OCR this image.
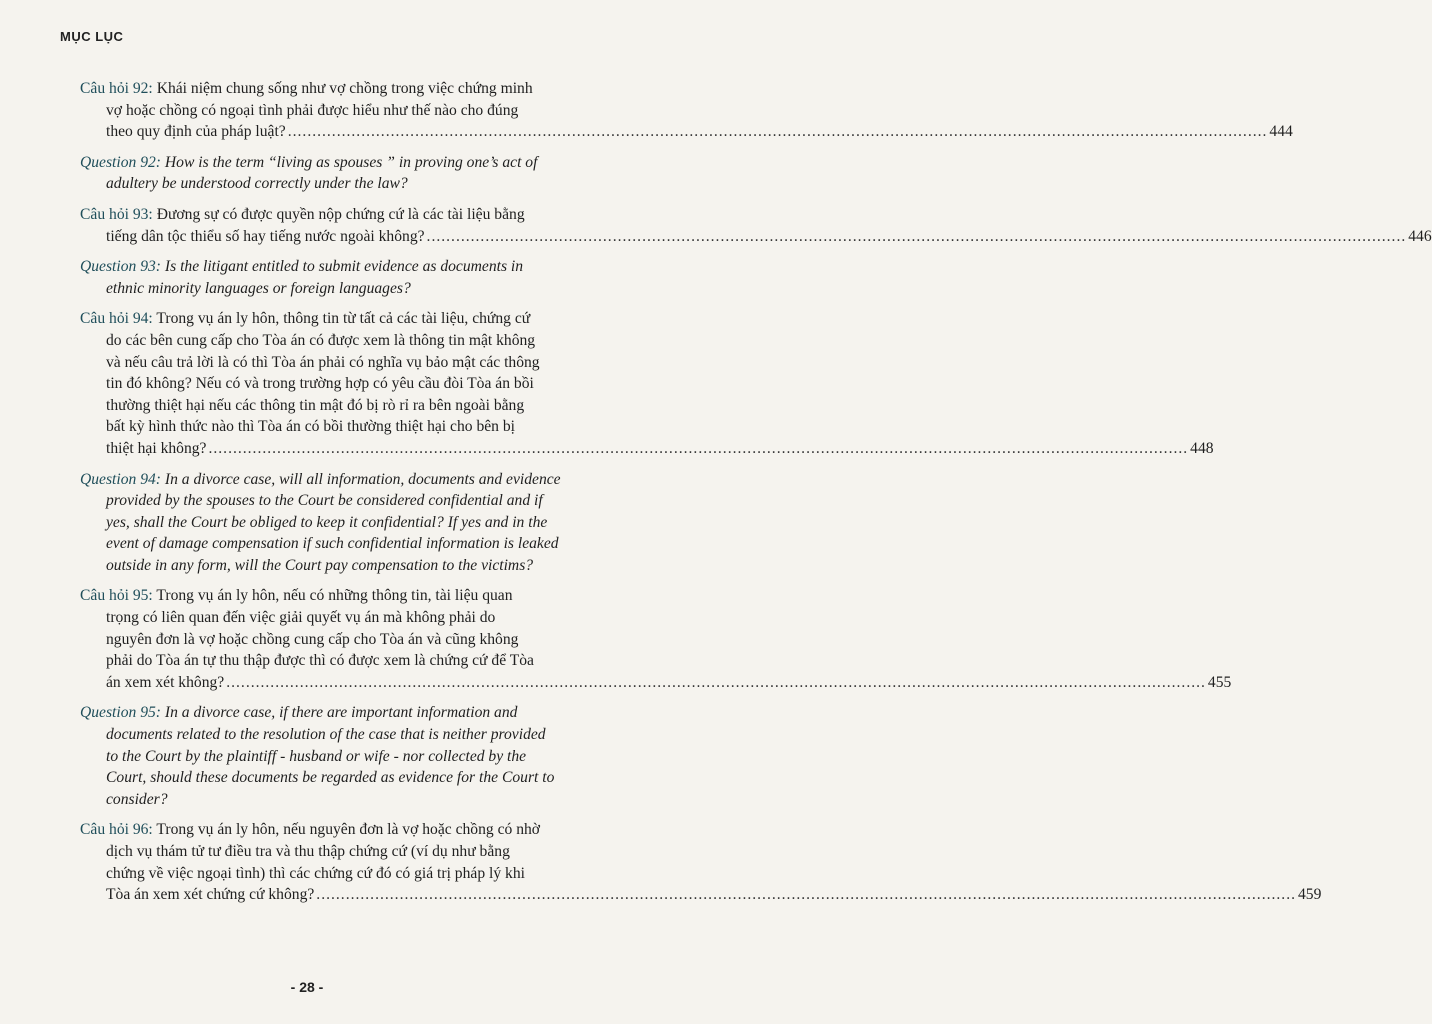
MỤC LỤC

Câu hỏi 92: Khái niệm chung sống như vợ chồng trong việc chứng minh
vợ hoặc chồng có ngoại tình phải được hiểu như thế nào cho đúng

theo quy định của pháp luật? ........................................................................................................................................................................................................ 444

Question 92: How is the term “living as spouses ” in proving one’s act of
adultery be understood correctly under the law?

Câu hỏi 93: Đương sự có được quyền nộp chứng cứ là các tài liệu bằng

tiếng dân tộc thiểu số hay tiếng nước ngoài không? ........................................................................................................................................................................................................ 446

Question 93: Is the litigant entitled to submit evidence as documents in
ethnic minority languages or foreign languages?

Câu hỏi 94: Trong vụ án ly hôn, thông tin từ tất cả các tài liệu, chứng cứ
do các bên cung cấp cho Tòa án có được xem là thông tin mật không
và nếu câu trả lời là có thì Tòa án phải có nghĩa vụ bảo mật các thông
tin đó không? Nếu có và trong trường hợp có yêu cầu đòi Tòa án bồi
thường thiệt hại nếu các thông tin mật đó bị rò rỉ ra bên ngoài bằng
bất kỳ hình thức nào thì Tòa án có bồi thường thiệt hại cho bên bị

thiệt hại không? ........................................................................................................................................................................................................ 448

Question 94: In a divorce case, will all information, documents and evidence
provided by the spouses to the Court be considered confidential and if
yes, shall the Court be obliged to keep it confidential? If yes and in the
event of damage compensation if such confidential information is leaked
outside in any form, will the Court pay compensation to the victims?

Câu hỏi 95: Trong vụ án ly hôn, nếu có những thông tin, tài liệu quan
trọng có liên quan đến việc giải quyết vụ án mà không phải do
nguyên đơn là vợ hoặc chồng cung cấp cho Tòa án và cũng không
phải do Tòa án tự thu thập được thì có được xem là chứng cứ để Tòa

án xem xét không? ........................................................................................................................................................................................................ 455

Question 95: In a divorce case, if there are important information and
documents related to the resolution of the case that is neither provided
to the Court by the plaintiff - husband or wife - nor collected by the
Court, should these documents be regarded as evidence for the Court to
consider?

Câu hỏi 96: Trong vụ án ly hôn, nếu nguyên đơn là vợ hoặc chồng có nhờ
dịch vụ thám tử tư điều tra và thu thập chứng cứ (ví dụ như bằng
chứng về việc ngoại tình) thì các chứng cứ đó có giá trị pháp lý khi

Tòa án xem xét chứng cứ không? ........................................................................................................................................................................................................ 459
- 28 -
